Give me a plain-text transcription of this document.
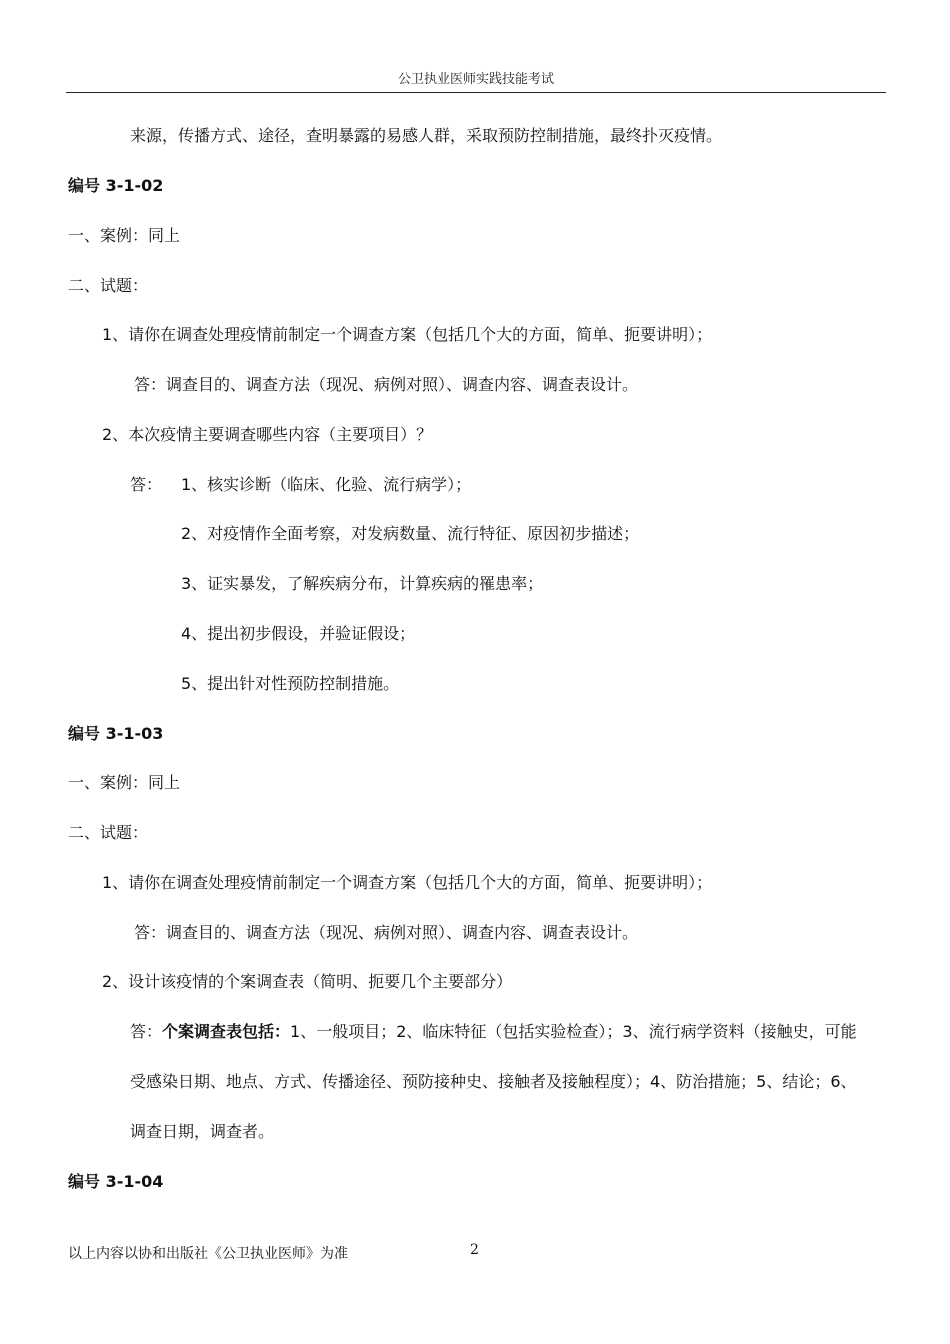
公卫执业医师实践技能考试
来源，传播方式、途径，查明暴露的易感人群，采取预防控制措施，最终扑灭疫情。
编号 3-1-02
一、案例：同上
二、试题：
1、请你在调查处理疫情前制定一个调查方案（包括几个大的方面，简单、扼要讲明）；
答：调查目的、调查方法（现况、病例对照）、调查内容、调查表设计。
2、本次疫情主要调查哪些内容（主要项目）？
答： 1、核实诊断（临床、化验、流行病学）；
2、对疫情作全面考察，对发病数量、流行特征、原因初步描述；
3、证实暴发，了解疾病分布，计算疾病的罹患率；
4、提出初步假设，并验证假设；
5、提出针对性预防控制措施。
编号 3-1-03
一、案例：同上
二、试题：
1、请你在调查处理疫情前制定一个调查方案（包括几个大的方面，简单、扼要讲明）；
答：调查目的、调查方法（现况、病例对照）、调查内容、调查表设计。
2、设计该疫情的个案调查表（简明、扼要几个主要部分）
答：个案调查表包括：1、一般项目；2、临床特征（包括实验检查）；3、流行病学资料（接触史，可能
受感染日期、地点、方式、传播途径、预防接种史、接触者及接触程度）；4、防治措施；5、结论；6、
调查日期，调查者。
编号 3-1-04
以上内容以协和出版社《公卫执业医师》为准	2
